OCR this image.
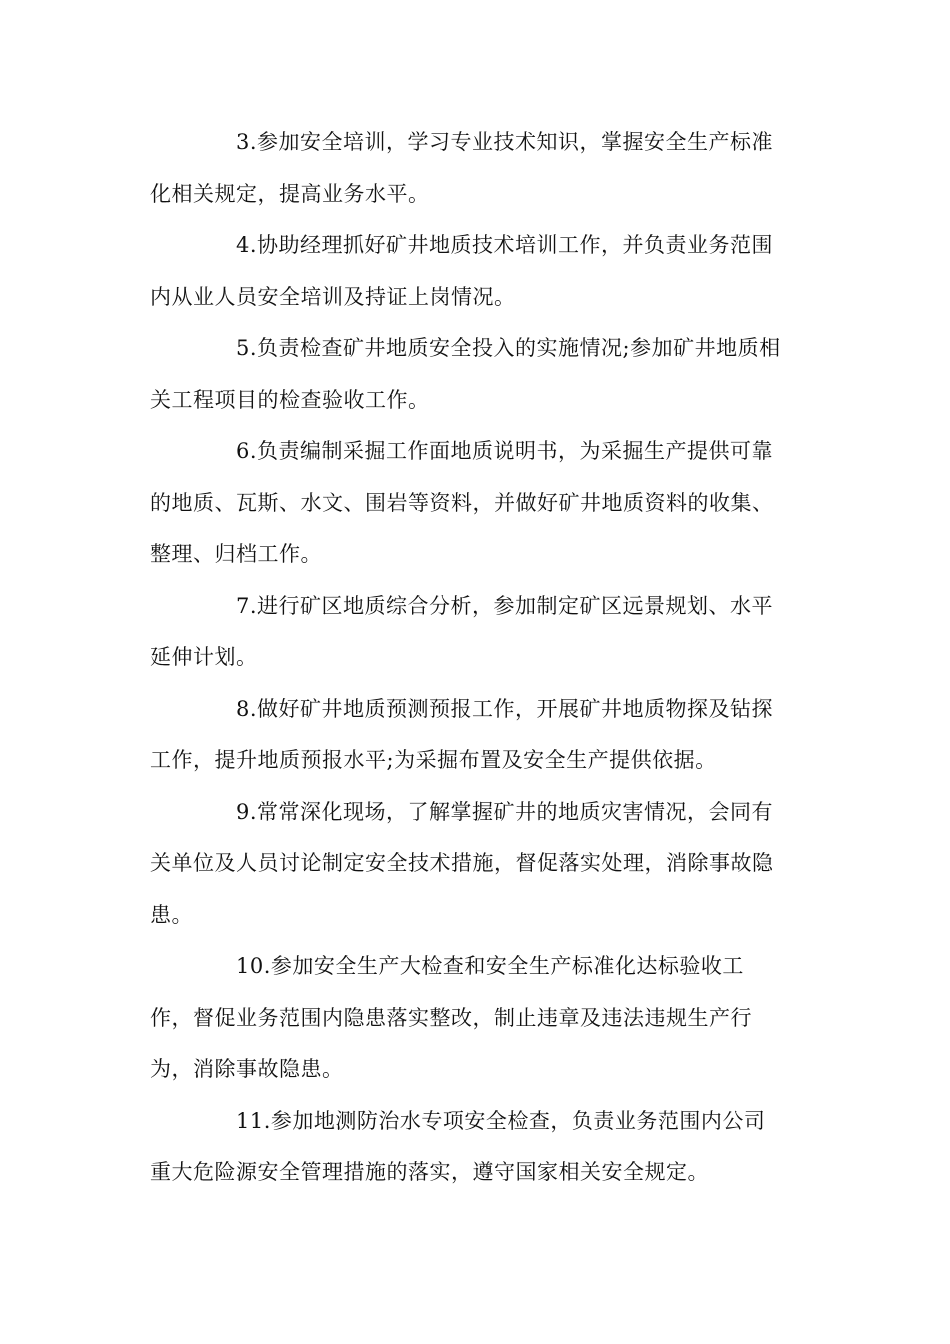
3.参加安全培训，学习专业技术知识，掌握安全生产标准
化相关规定，提高业务水平。

4.协助经理抓好矿井地质技术培训工作，并负责业务范围
内从业人员安全培训及持证上岗情况。

5.负责检查矿井地质安全投入的实施情况;参加矿井地质相
关工程项目的检查验收工作。

6.负责编制采掘工作面地质说明书，为采掘生产提供可靠
的地质、瓦斯、水文、围岩等资料，并做好矿井地质资料的收集、
整理、归档工作。

7.进行矿区地质综合分析，参加制定矿区远景规划、水平
延伸计划。

8.做好矿井地质预测预报工作，开展矿井地质物探及钻探
工作，提升地质预报水平;为采掘布置及安全生产提供依据。

9.常常深化现场，了解掌握矿井的地质灾害情况，会同有
关单位及人员讨论制定安全技术措施，督促落实处理，消除事故隐
患。

10.参加安全生产大检查和安全生产标准化达标验收工
作，督促业务范围内隐患落实整改，制止违章及违法违规生产行
为，消除事故隐患。

11.参加地测防治水专项安全检查，负责业务范围内公司
重大危险源安全管理措施的落实，遵守国家相关安全规定。
